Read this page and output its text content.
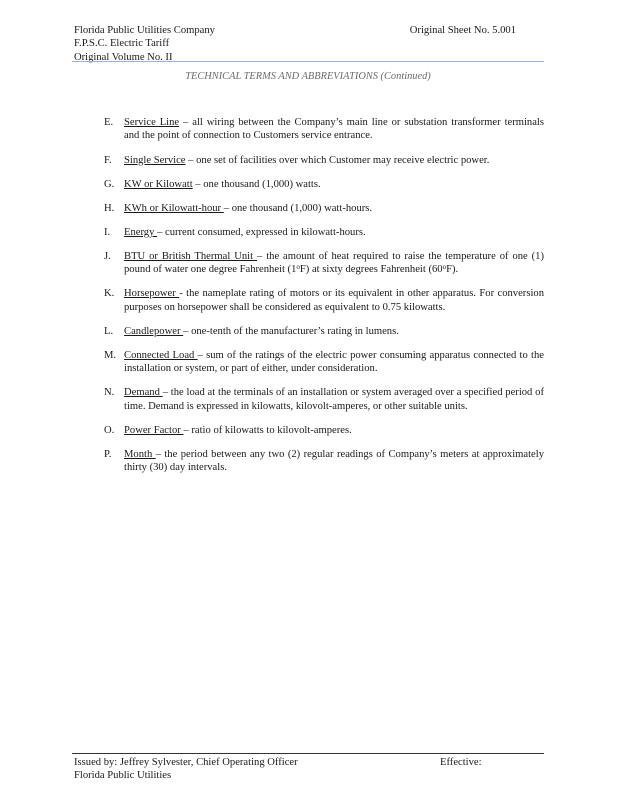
Florida Public Utilities Company
F.P.S.C. Electric Tariff
Original Volume No. II
Original Sheet No. 5.001
TECHNICAL TERMS AND ABBREVIATIONS (Continued)
E.	Service Line – all wiring between the Company’s main line or substation transformer terminals and the point of connection to Customers service entrance.
F.	Single Service – one set of facilities over which Customer may receive electric power.
G. KW or Kilowatt – one thousand (1,000) watts.
H. KWh or Kilowatt-hour – one thousand (1,000) watt-hours.
I.	Energy – current consumed, expressed in kilowatt-hours.
J.	BTU or British Thermal Unit – the amount of heat required to raise the temperature of one (1) pound of water one degree Fahrenheit (1$^o$F) at sixty degrees Fahrenheit (60$^o$F).
K. Horsepower - the nameplate rating of motors or its equivalent in other apparatus. For conversion purposes on horsepower shall be considered as equivalent to 0.75 kilowatts.
L.	Candlepower – one-tenth of the manufacturer’s rating in lumens.
M. Connected Load – sum of the ratings of the electric power consuming apparatus connected to the installation or system, or part of either, under consideration.
N. Demand – the load at the terminals of an installation or system averaged over a specified period of time. Demand is expressed in kilowatts, kilovolt-amperes, or other suitable units.
O. Power Factor – ratio of kilowatts to kilovolt-amperes.
P.	Month – the period between any two (2) regular readings of Company’s meters at approximately thirty (30) day intervals.
Issued by: Jeffrey Sylvester, Chief Operating Officer	Effective:
Florida Public Utilities
